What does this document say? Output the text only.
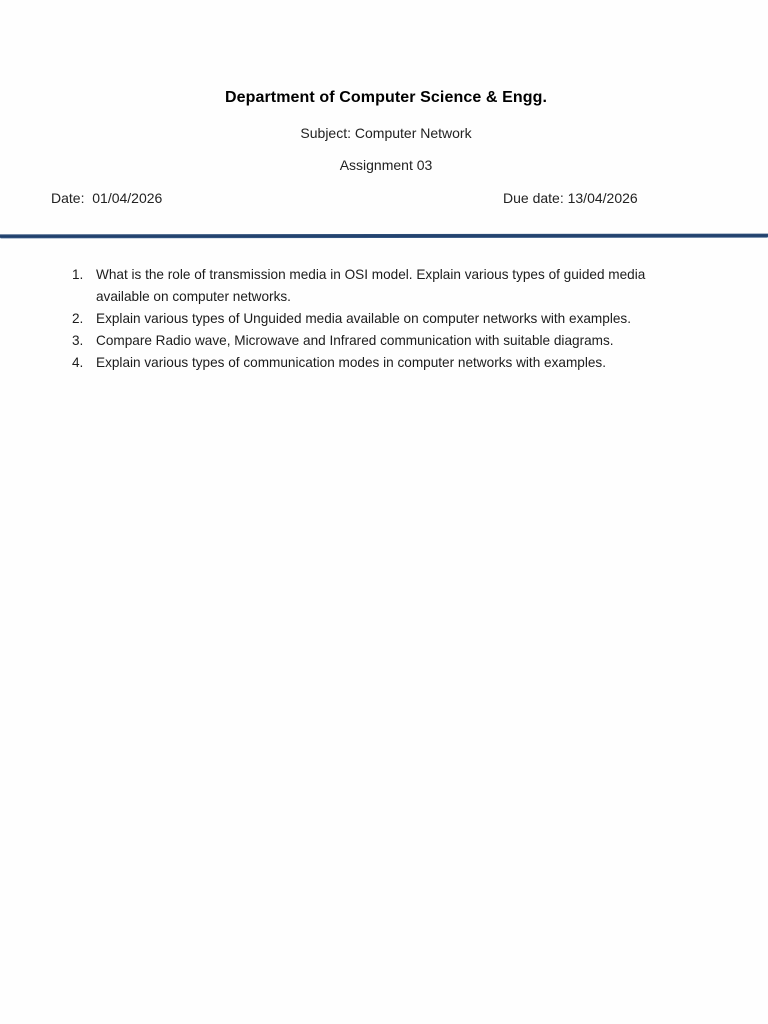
Department of Computer Science & Engg.
Subject: Computer Network
Assignment 03
Date: 01/04/2026	Due date: 13/04/2026
1. What is the role of transmission media in OSI model. Explain various types of guided media available on computer networks.
2. Explain various types of Unguided media available on computer networks with examples.
3. Compare Radio wave, Microwave and Infrared communication with suitable diagrams.
4. Explain various types of communication modes in computer networks with examples.
